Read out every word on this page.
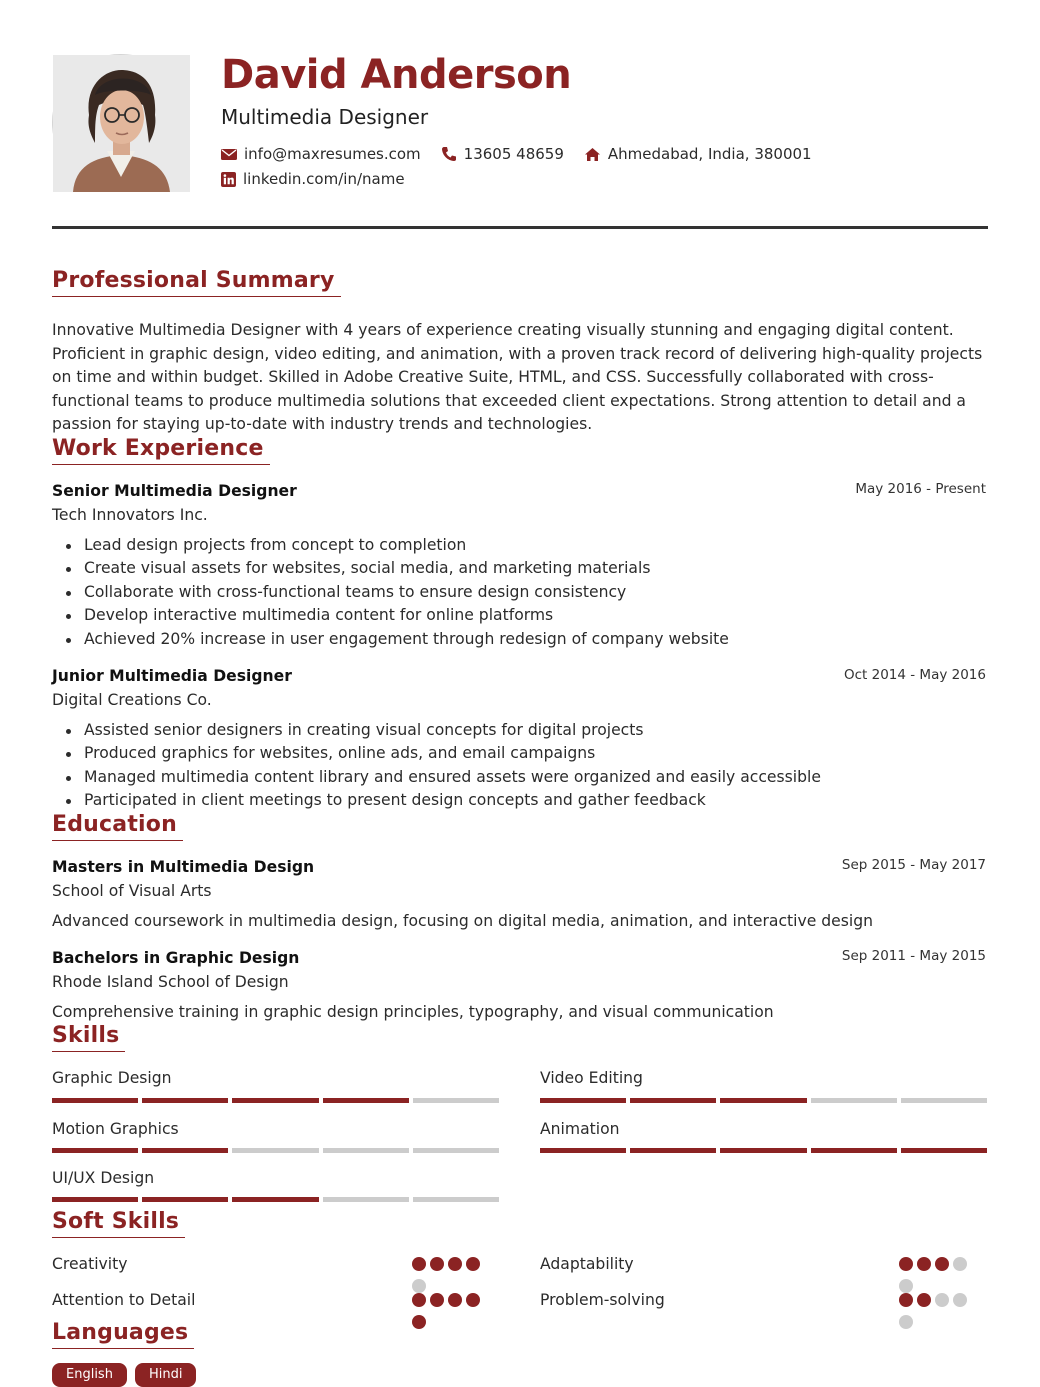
David Anderson
Multimedia Designer
info@maxresumes.com	13605 48659	Ahmedabad, India, 380001
linkedin.com/in/name
Professional Summary
Innovative Multimedia Designer with 4 years of experience creating visually stunning and engaging digital content. Proficient in graphic design, video editing, and animation, with a proven track record of delivering high-quality projects on time and within budget. Skilled in Adobe Creative Suite, HTML, and CSS. Successfully collaborated with cross-functional teams to produce multimedia solutions that exceeded client expectations. Strong attention to detail and a passion for staying up-to-date with industry trends and technologies.
Work Experience
Senior Multimedia Designer	May 2016 - Present
Tech Innovators Inc.
Lead design projects from concept to completion
Create visual assets for websites, social media, and marketing materials
Collaborate with cross-functional teams to ensure design consistency
Develop interactive multimedia content for online platforms
Achieved 20% increase in user engagement through redesign of company website
Junior Multimedia Designer	Oct 2014 - May 2016
Digital Creations Co.
Assisted senior designers in creating visual concepts for digital projects
Produced graphics for websites, online ads, and email campaigns
Managed multimedia content library and ensured assets were organized and easily accessible
Participated in client meetings to present design concepts and gather feedback
Education
Masters in Multimedia Design	Sep 2015 - May 2017
School of Visual Arts
Advanced coursework in multimedia design, focusing on digital media, animation, and interactive design
Bachelors in Graphic Design	Sep 2011 - May 2015
Rhode Island School of Design
Comprehensive training in graphic design principles, typography, and visual communication
Skills
Graphic Design	Video Editing
Motion Graphics	Animation
UI/UX Design
Soft Skills
Creativity	Adaptability
Attention to Detail	Problem-solving
Languages
English	Hindi
